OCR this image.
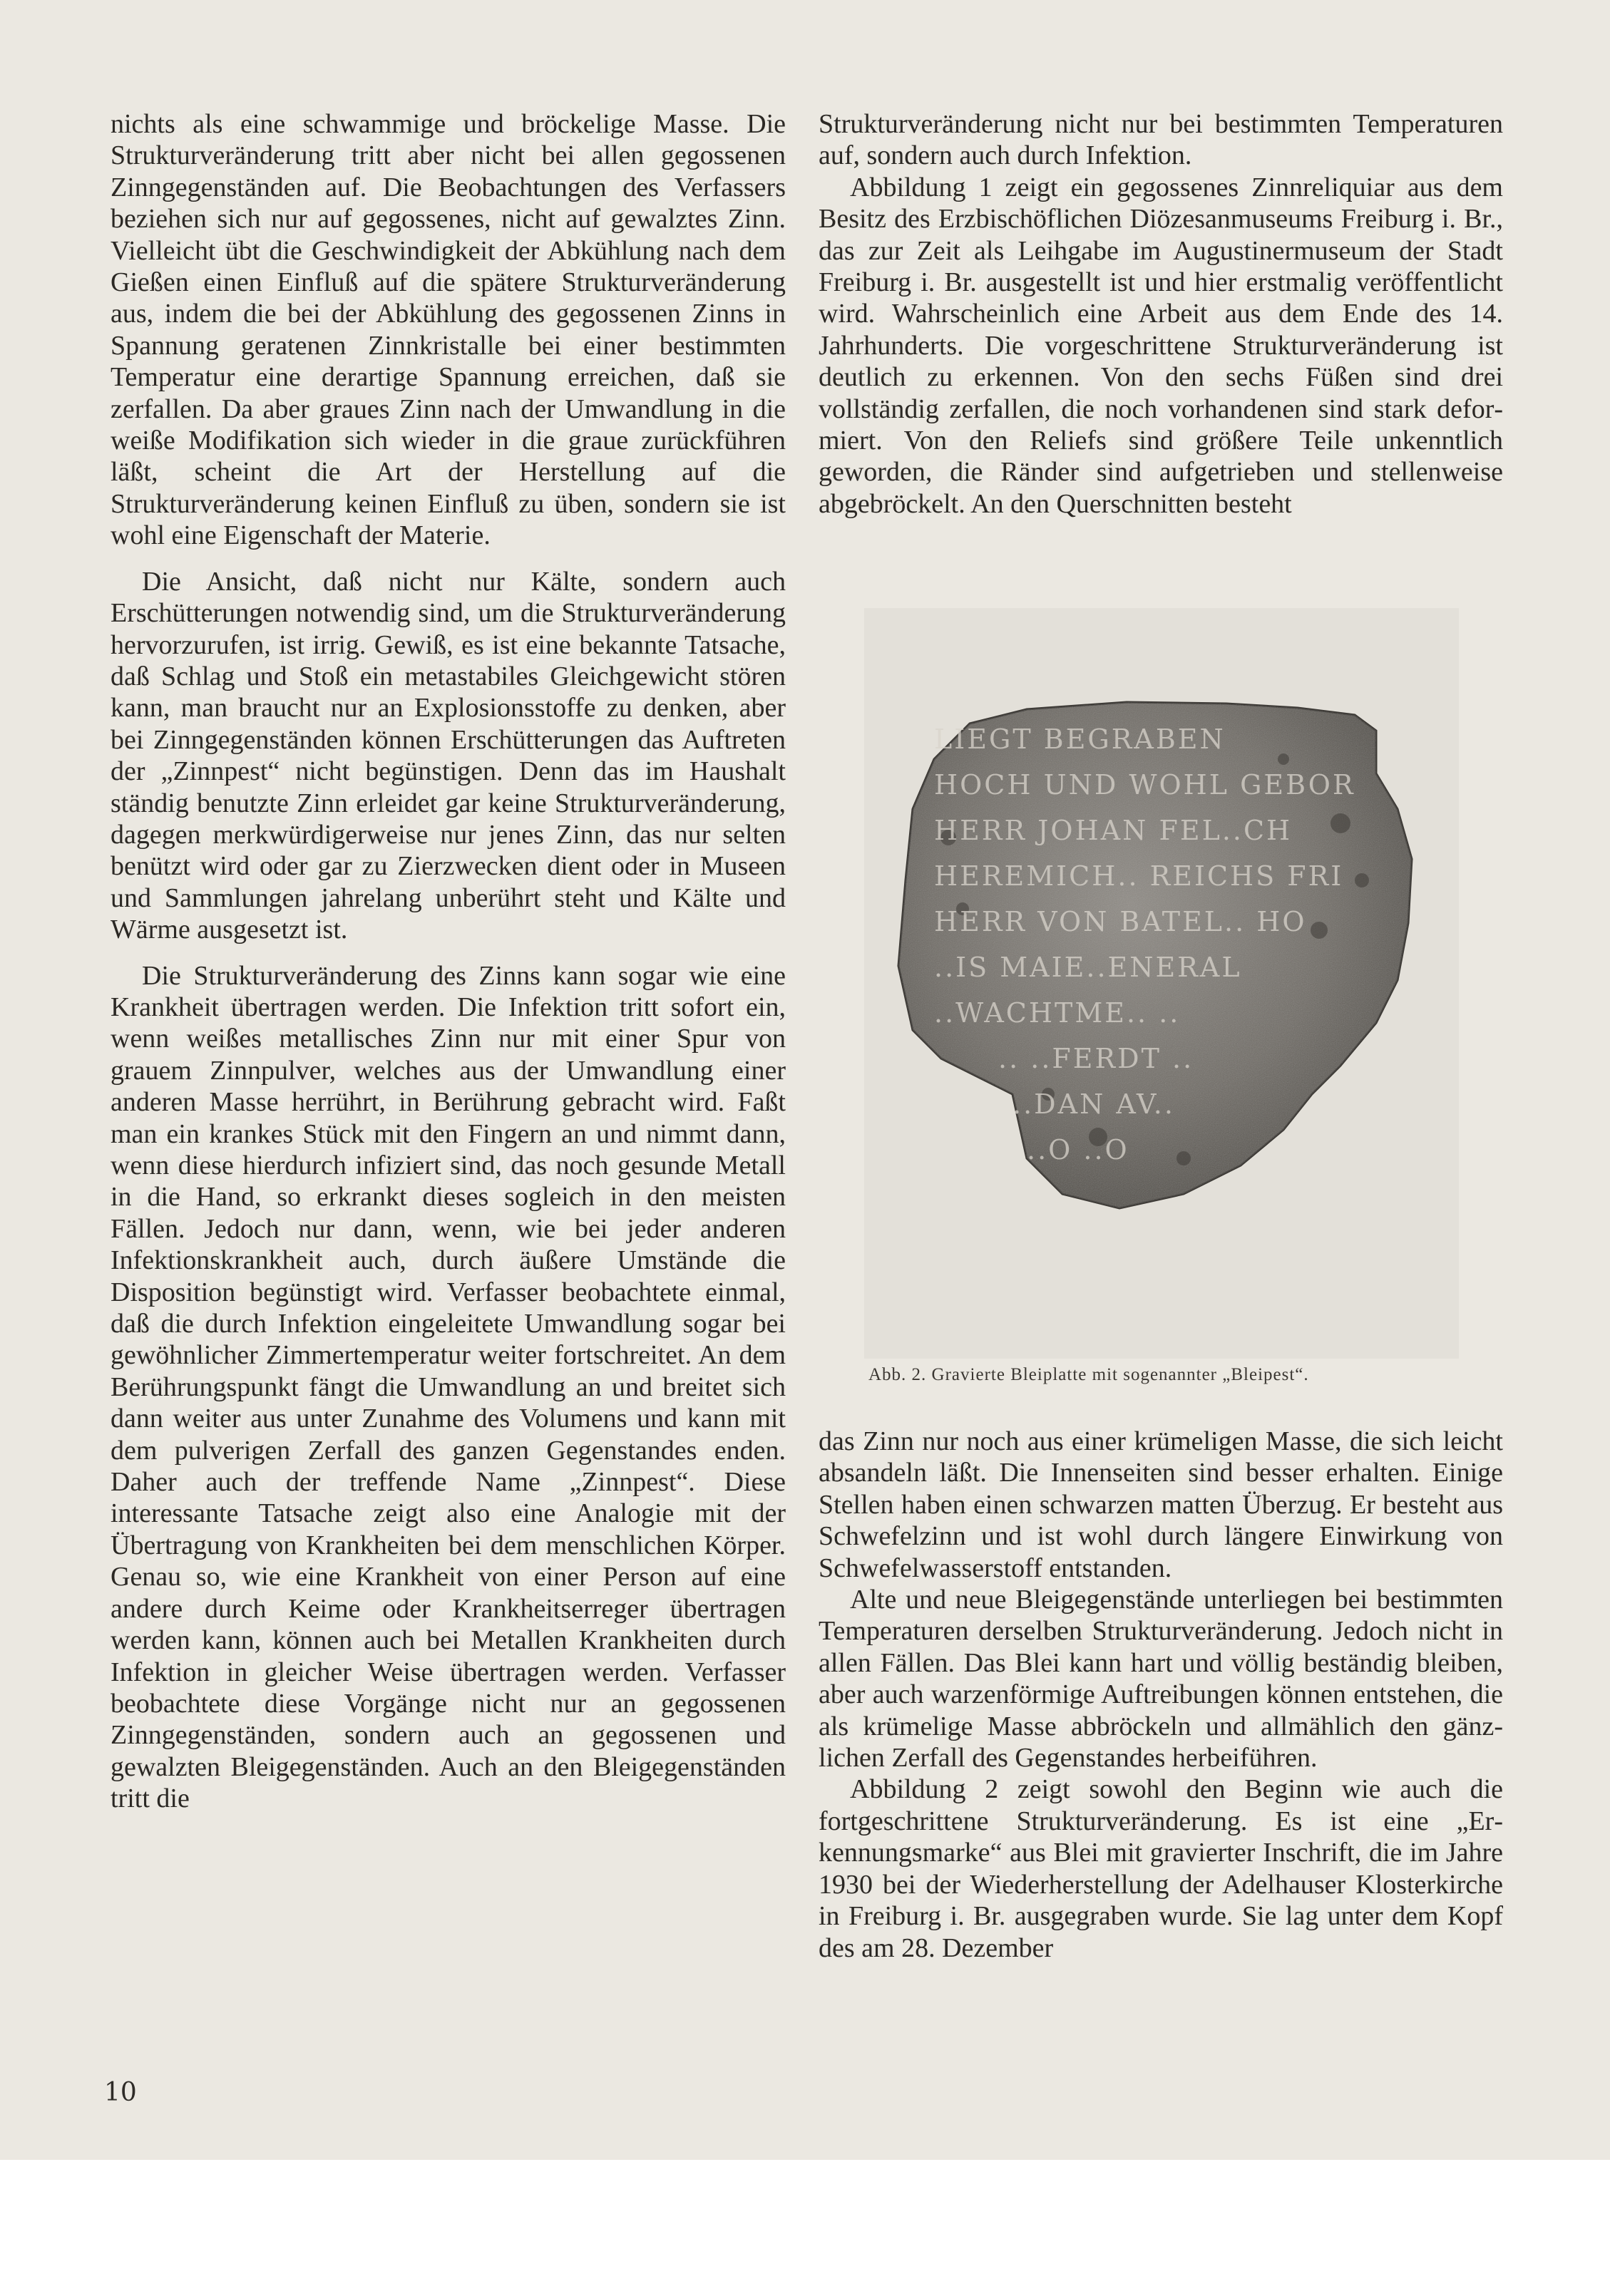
nichts als eine schwammige und bröckelige Masse. Die Strukturveränderung tritt aber nicht bei allen gegossenen Zinngegenständen auf. Die Beobachtungen des Verfassers beziehen sich nur auf gegossenes, nicht auf gewalztes Zinn. Vielleicht übt die Geschwindigkeit der Abkühlung nach dem Gießen einen Einfluß auf die spätere Strukturveränderung aus, indem die bei der Abkühlung des gegossenen Zinns in Spannung geratenen Zinnkristalle bei einer bestimmten Temperatur eine derartige Spannung erreichen, daß sie zerfallen. Da aber graues Zinn nach der Umwandlung in die weiße Modifikation sich wieder in die graue zurückführen läßt, scheint die Art der Herstellung auf die Strukturveränderung keinen Einfluß zu üben, sondern sie ist wohl eine Eigenschaft der Materie.

Die Ansicht, daß nicht nur Kälte, sondern auch Erschütterungen notwendig sind, um die Strukturveränderung hervorzurufen, ist irrig. Gewiß, es ist eine bekannte Tatsache, daß Schlag und Stoß ein metastabiles Gleichgewicht stören kann, man braucht nur an Explosionsstoffe zu denken, aber bei Zinngegenständen können Erschütterungen das Auftreten der „Zinnpest“ nicht begünstigen. Denn das im Haushalt ständig benutzte Zinn erleidet gar keine Strukturveränderung, dagegen merkwürdigerweise nur jenes Zinn, das nur selten benützt wird oder gar zu Zierzwecken dient oder in Museen und Sammlungen jahrelang unberührt steht und Kälte und Wärme ausgesetzt ist.

Die Strukturveränderung des Zinns kann sogar wie eine Krankheit übertragen werden. Die Infektion tritt sofort ein, wenn weißes metallisches Zinn nur mit einer Spur von grauem Zinnpulver, welches aus der Umwandlung einer anderen Masse herrührt, in Berührung gebracht wird. Faßt man ein krankes Stück mit den Fingern an und nimmt dann, wenn diese hierdurch infiziert sind, das noch gesunde Metall in die Hand, so erkrankt dieses sogleich in den meisten Fällen. Jedoch nur dann, wenn, wie bei jeder anderen Infektionskrankheit auch, durch äußere Umstände die Disposition begünstigt wird. Verfasser beobachtete einmal, daß die durch Infektion eingeleitete Umwandlung sogar bei gewöhnlicher Zimmertemperatur weiter fortschreitet. An dem Berührungspunkt fängt die Umwandlung an und breitet sich dann weiter aus unter Zunahme des Volumens und kann mit dem pulverigen Zerfall des ganzen Gegenstandes enden. Daher auch der treffende Name „Zinnpest“. Diese interessante Tatsache zeigt also eine Analogie mit der Übertragung von Krankheiten bei dem menschlichen Körper. Genau so, wie eine Krankheit von einer Person auf eine andere durch Keime oder Krankheitserreger übertragen werden kann, können auch bei Metallen Krankheiten durch Infektion in gleicher Weise übertragen werden. Verfasser beobachtete diese Vorgänge nicht nur an gegossenen Zinngegenständen, sondern auch an gegossenen und gewalzten Bleigegenständen. Auch an den Bleigegenständen tritt die

Strukturveränderung nicht nur bei bestimmten Temperaturen auf, sondern auch durch Infektion.

Abbildung 1 zeigt ein gegossenes Zinnreliquiar aus dem Besitz des Erzbischöflichen Diözesanmuseums Freiburg i. Br., das zur Zeit als Leihgabe im Augustinermuseum der Stadt Freiburg i. Br. ausgestellt ist und hier erstmalig veröffentlicht wird. Wahrscheinlich eine Arbeit aus dem Ende des 14. Jahrhunderts. Die vorgeschrittene Strukturveränderung ist deutlich zu erkennen. Von den sechs Füßen sind drei vollständig zerfallen, die noch vorhandenen sind stark deformiert. Von den Reliefs sind größere Teile unkenntlich geworden, die Ränder sind aufgetrieben und stellenweise abgebröckelt. An den Querschnitten besteht

LIEGT BEGRABEN
HOCH UND WOHL GEBOR
HERR JOHAN FEL..CH
HEREMICH.. REICHS FRI
HERR VON BATEL.. HO
..IS MAIE..ENERAL
..WACHTME.. ..
.. ..FERDT ..
..DAN AV..
..O ..O
Abb. 2. Gravierte Bleiplatte mit sogenannter „Bleipest“.

das Zinn nur noch aus einer krümeligen Masse, die sich leicht absandeln läßt. Die Innenseiten sind besser erhalten. Einige Stellen haben einen schwarzen matten Überzug. Er besteht aus Schwefelzinn und ist wohl durch längere Einwirkung von Schwefelwasserstoff entstanden.

Alte und neue Bleigegenstände unterliegen bei bestimmten Temperaturen derselben Strukturveränderung. Jedoch nicht in allen Fällen. Das Blei kann hart und völlig beständig bleiben, aber auch warzenförmige Auftreibungen können entstehen, die als krümelige Masse abbröckeln und allmählich den gänzlichen Zerfall des Gegenstandes herbeiführen.

Abbildung 2 zeigt sowohl den Beginn wie auch die fortgeschrittene Strukturveränderung. Es ist eine „Erkennungsmarke“ aus Blei mit gravierter Inschrift, die im Jahre 1930 bei der Wiederherstellung der Adelhauser Klosterkirche in Freiburg i. Br. ausgegraben wurde. Sie lag unter dem Kopf des am 28. Dezember

10
